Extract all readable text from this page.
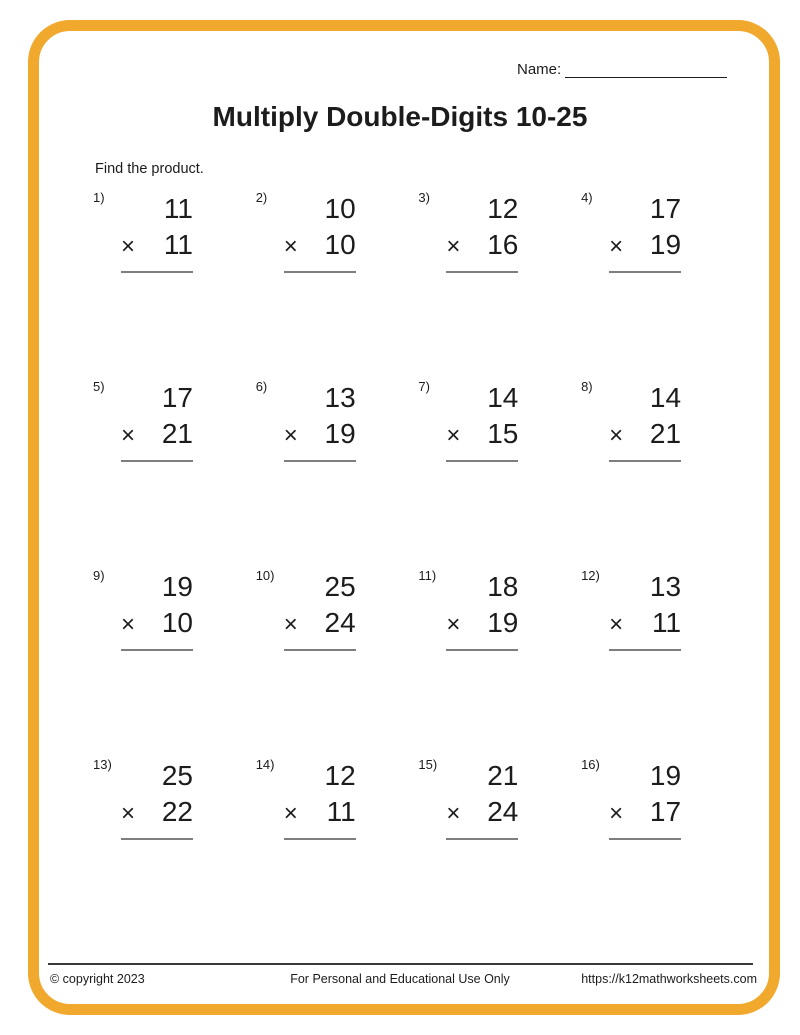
Name:
Multiply Double-Digits 10-25
Find the product.
1)	11
× 11
2)	10
× 10
3)	12
× 16
4)	17
× 19
5)	17
× 21
6)	13
× 19
7)	14
× 15
8)	14
× 21
9)	19
× 10
10)	25
× 24
11)	18
× 19
12)	13
× 11
13)	25
× 22
14)	12
× 11
15)	21
× 24
16)	19
× 17
© copyright 2023	For Personal and Educational Use Only	https://k12mathworksheets.com
